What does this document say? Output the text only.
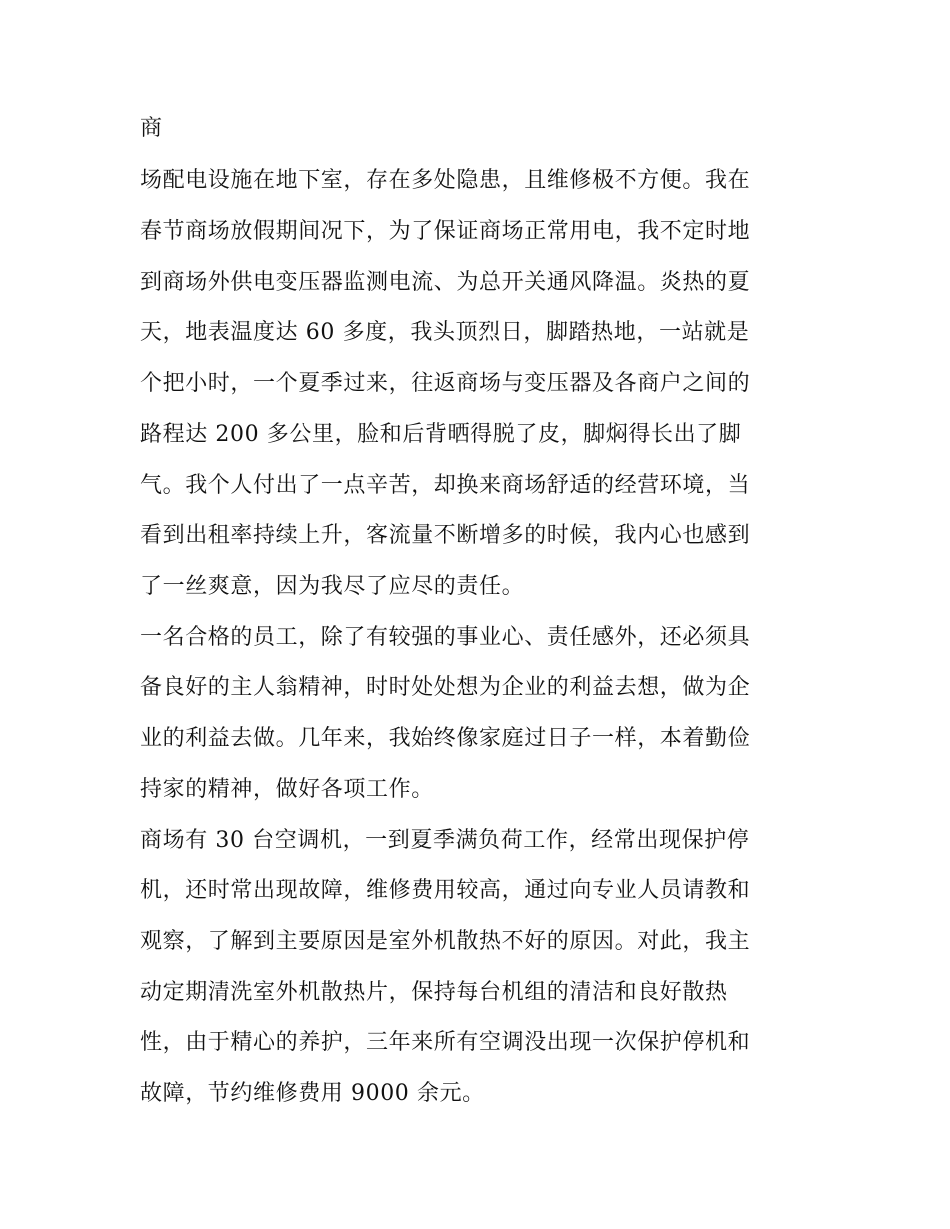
商
场配电设施在地下室，存在多处隐患，且维修极不方便。我在
春节商场放假期间况下，为了保证商场正常用电，我不定时地
到商场外供电变压器监测电流、为总开关通风降温。炎热的夏
天，地表温度达 60 多度，我头顶烈日，脚踏热地，一站就是
个把小时，一个夏季过来，往返商场与变压器及各商户之间的
路程达 200 多公里，脸和后背晒得脱了皮，脚焖得长出了脚
气。我个人付出了一点辛苦，却换来商场舒适的经营环境，当
看到出租率持续上升，客流量不断增多的时候，我内心也感到
了一丝爽意，因为我尽了应尽的责任。
一名合格的员工，除了有较强的事业心、责任感外，还必须具
备良好的主人翁精神，时时处处想为企业的利益去想，做为企
业的利益去做。几年来，我始终像家庭过日子一样，本着勤俭
持家的精神，做好各项工作。
商场有 30 台空调机，一到夏季满负荷工作，经常出现保护停
机，还时常出现故障，维修费用较高，通过向专业人员请教和
观察，了解到主要原因是室外机散热不好的原因。对此，我主
动定期清洗室外机散热片，保持每台机组的清洁和良好散热
性，由于精心的养护，三年来所有空调没出现一次保护停机和
故障，节约维修费用 9000 余元。
